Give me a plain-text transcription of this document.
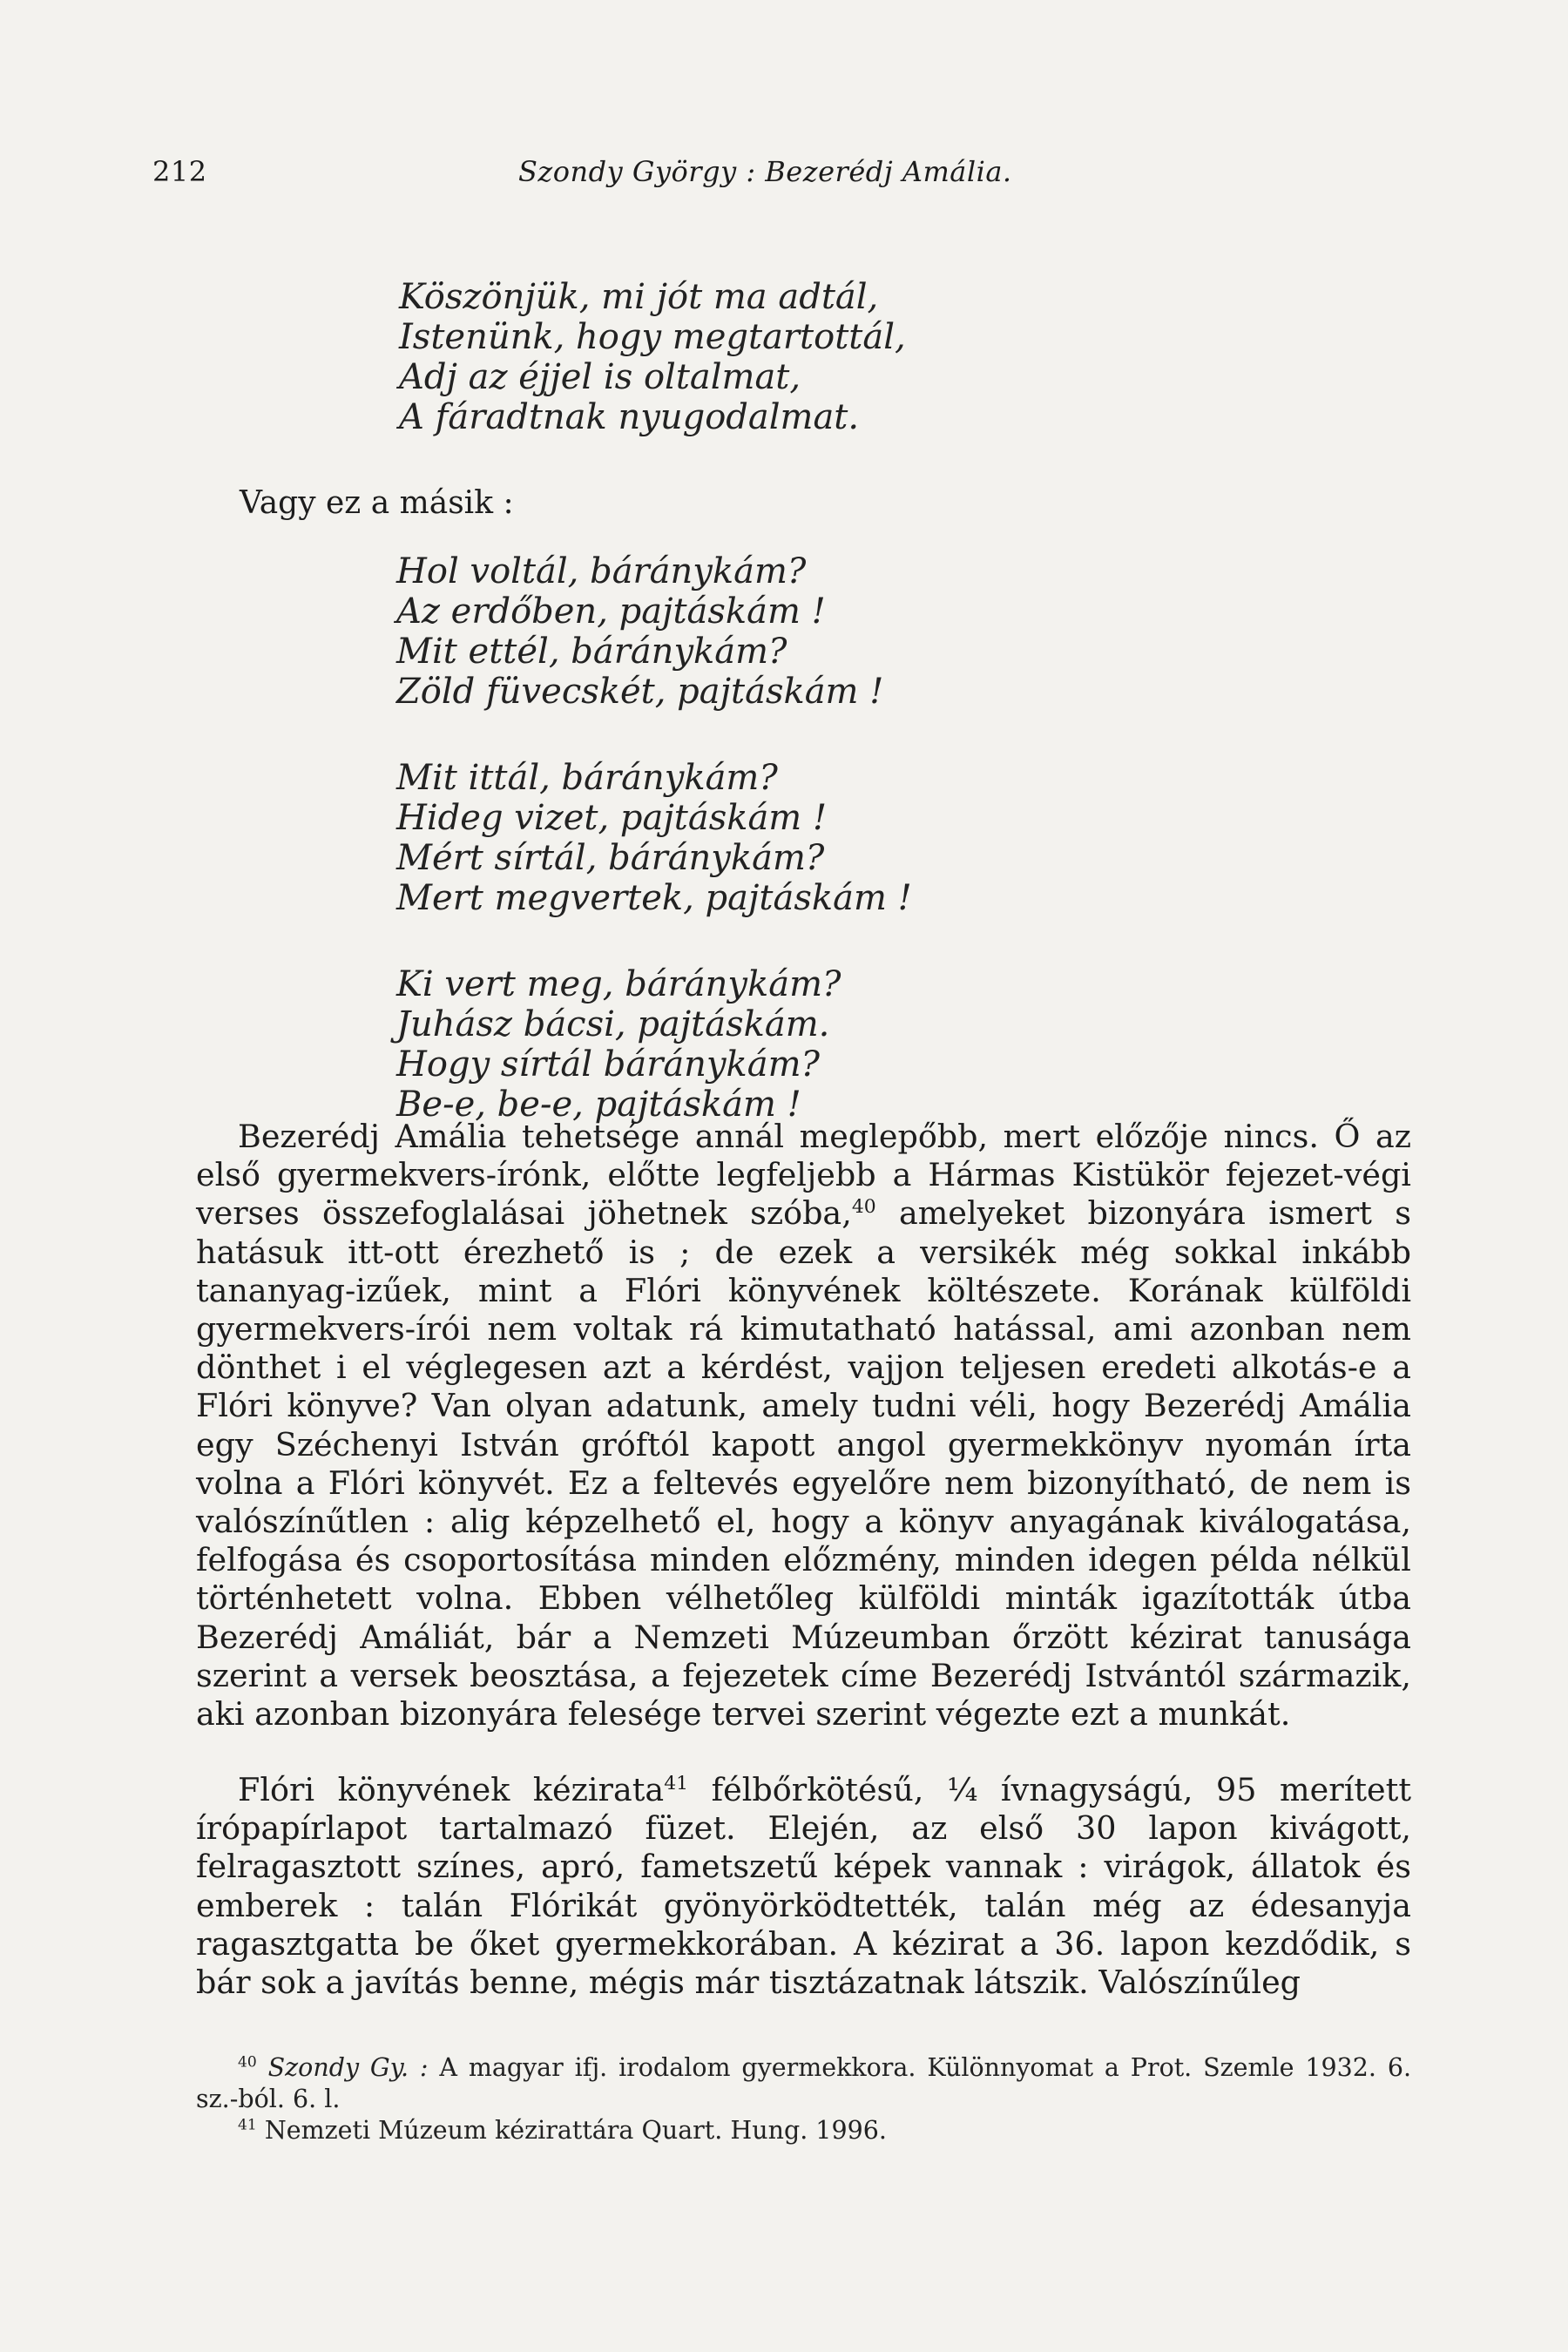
212	Szondy György : Bezerédj Amália.
Köszönjük, mi jót ma adtál,
Istenünk, hogy megtartottál,
Adj az éjjel is oltalmat,
A fáradtnak nyugodalmat.
Vagy ez a másik :
Hol voltál, báránykám?
Az erdőben, pajtáskám !
Mit ettél, báránykám?
Zöld füvecskét, pajtáskám !
Mit ittál, báránykám?
Hideg vizet, pajtáskám !
Mért sírtál, báránykám?
Mert megvertek, pajtáskám !
Ki vert meg, báránykám?
Juhász bácsi, pajtáskám.
Hogy sírtál báránykám?
Be-e, be-e, pajtáskám !

Bezerédj Amália tehetsége annál meglepőbb, mert előzője nincs. Ő az első gyermekvers-írónk, előtte legfeljebb a Hármas Kistükör fejezet-végi verses összefoglalásai jöhetnek szóba,$^{40}$ amelyeket bizonyára ismert s hatásuk itt-ott érezhető is ; de ezek a versikék még sokkal inkább tananyag-izűek, mint a Flóri könyvének költészete. Korának külföldi gyermekvers-írói nem voltak rá kimutatható hatással, ami azonban nem dönthet i el véglegesen azt a kérdést, vajjon teljesen eredeti alkotás-e a Flóri könyve? Van olyan adatunk, amely tudni véli, hogy Bezerédj Amália egy Széchenyi István gróftól kapott angol gyermekkönyv nyomán írta volna a Flóri könyvét. Ez a feltevés egyelőre nem bizonyítható, de nem is valószínűtlen : alig képzelhető el, hogy a könyv anyagának kiválogatása, felfogása és csoportosítása minden előzmény, minden idegen példa nélkül történhetett volna. Ebben vélhetőleg külföldi minták igazították útba Bezerédj Amáliát, bár a Nemzeti Múzeumban őrzött kézirat tanusága szerint a versek beosztása, a fejezetek címe Bezerédj Istvántól származik, aki azonban bizonyára felesége tervei szerint végezte ezt a munkát.

Flóri könyvének kézirata$^{41}$ félbőrkötésű, ¼ ívnagyságú, 95 merített írópapírlapot tartalmazó füzet. Elején, az első 30 lapon kivágott, felragasztott színes, apró, fametszetű képek vannak : virágok, állatok és emberek : talán Flórikát gyönyörködtették, talán még az édesanyja ragasztgatta be őket gyermekkorában. A kézirat a 36. lapon kezdődik, s bár sok a javítás benne, mégis már tisztázatnak látszik. Valószínűleg

$^{40}$ Szondy Gy. : A magyar ifj. irodalom gyermekkora. Különnyomat a Prot. Szemle 1932. 6. sz.-ból. 6. l.
$^{41}$ Nemzeti Múzeum kézirattára Quart. Hung. 1996.
